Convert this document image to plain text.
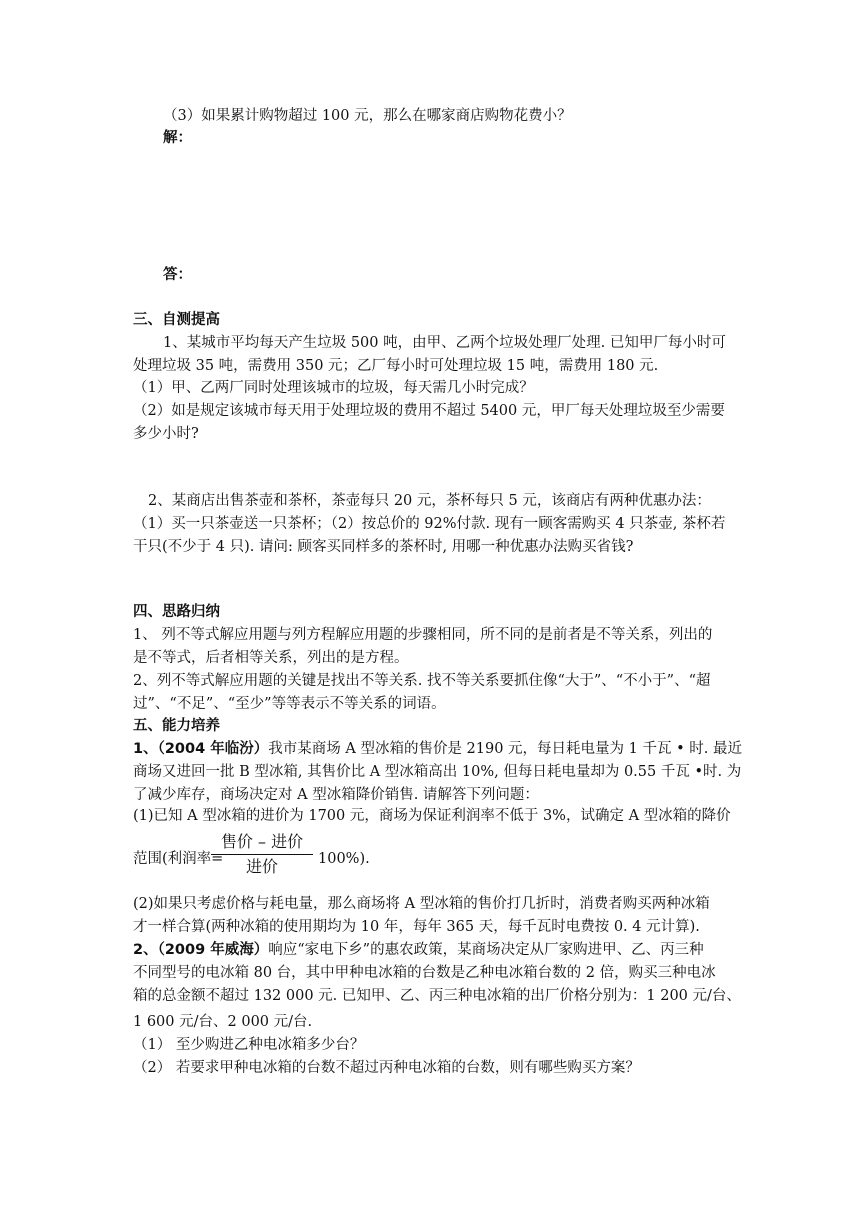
（3）如果累计购物超过 100 元，那么在哪家商店购物花费小？
解：
答：
三、自测提高
1、某城市平均每天产生垃圾 500 吨，由甲、乙两个垃圾处理厂处理. 已知甲厂每小时可
处理垃圾 35 吨，需费用 350 元；乙厂每小时可处理垃圾 15 吨，需费用 180 元.
（1）甲、乙两厂同时处理该城市的垃圾，每天需几小时完成？
（2）如是规定该城市每天用于处理垃圾的费用不超过 5400 元，甲厂每天处理垃圾至少需要
多少小时?
2、某商店出售茶壶和茶杯，茶壶每只 20 元，茶杯每只 5 元，该商店有两种优惠办法：
（1）买一只茶壶送一只茶杯；（2）按总价的 92%付款. 现有一顾客需购买 4 只茶壶, 茶杯若
干只(不少于 4 只). 请问: 顾客买同样多的茶杯时, 用哪一种优惠办法购买省钱?
四、思路归纳
1、 列不等式解应用题与列方程解应用题的步骤相同，所不同的是前者是不等关系，列出的
是不等式，后者相等关系，列出的是方程。
2、列不等式解应用题的关键是找出不等关系. 找不等关系要抓住像“大于”、“不小于”、“超
过”、“不足”、“至少”等等表示不等关系的词语。
五、能力培养
1、（2004 年临汾）我市某商场 A 型冰箱的售价是 2190 元，每日耗电量为 1 千瓦 • 时. 最近
商场又进回一批 B 型冰箱, 其售价比 A 型冰箱高出 10%, 但每日耗电量却为 0.55 千瓦 •时. 为
了减少库存，商场决定对 A 型冰箱降价销售. 请解答下列问题：
(1)已知 A 型冰箱的进价为 1700 元，商场为保证利润率不低于 3%，试确定 A 型冰箱的降价
范围(利润率=
售价 – 进价
进价	100%).
(2)如果只考虑价格与耗电量，那么商场将 A 型冰箱的售价打几折时，消费者购买两种冰箱
才一样合算(两种冰箱的使用期均为 10 年，每年 365 天，每千瓦时电费按 0. 4 元计算).
2、（2009 年威海）响应“家电下乡”的惠农政策，某商场决定从厂家购进甲、乙、丙三种
不同型号的电冰箱 80 台，其中甲种电冰箱的台数是乙种电冰箱台数的 2 倍，购买三种电冰
箱的总金额不超过 132 000 元. 已知甲、乙、丙三种电冰箱的出厂价格分别为：1 200 元/台、
1 600 元/台、2 000 元/台.
（1） 至少购进乙种电冰箱多少台？
（2） 若要求甲种电冰箱的台数不超过丙种电冰箱的台数，则有哪些购买方案？
